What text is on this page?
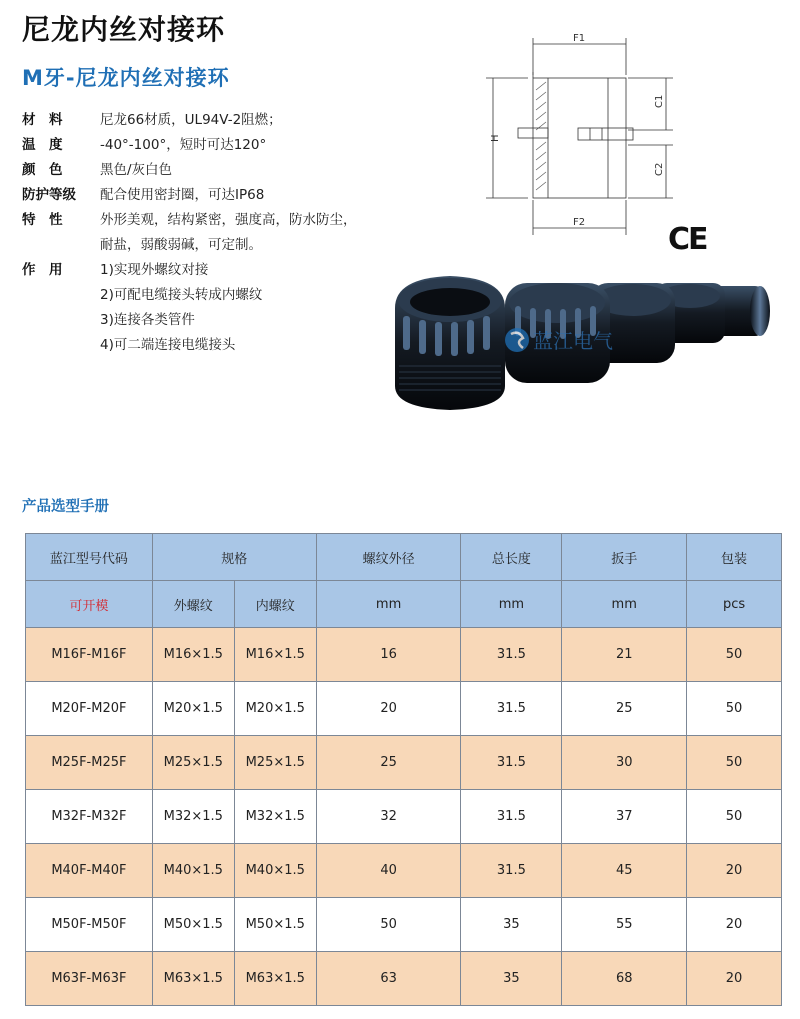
尼龙内丝对接环
M牙-尼龙内丝对接环
材　料	尼龙66材质，UL94V-2阻燃；
温　度	-40°-100°，短时可达120°
颜　色	黑色/灰白色
防护等级	配合使用密封圈，可达IP68
特　性	外形美观，结构紧密，强度高，防水防尘，
耐盐，弱酸弱碱，可定制。
作　用	1)实现外螺纹对接
2)可配电缆接头转成内螺纹
3)连接各类管件
4)可二端连接电缆接头
F1
F2
H
C1
C2
CE
蓝江电气
产品选型手册
蓝江型号代码	规格		螺纹外径	总长度	扳手	包装
可开模	外螺纹	内螺纹	mm	mm	mm	pcs
M16F-M16F	M16×1.5	M16×1.5	16	31.5	21	50
M20F-M20F	M20×1.5	M20×1.5	20	31.5	25	50
M25F-M25F	M25×1.5	M25×1.5	25	31.5	30	50
M32F-M32F	M32×1.5	M32×1.5	32	31.5	37	50
M40F-M40F	M40×1.5	M40×1.5	40	31.5	45	20
M50F-M50F	M50×1.5	M50×1.5	50	35	55	20
M63F-M63F	M63×1.5	M63×1.5	63	35	68	20
